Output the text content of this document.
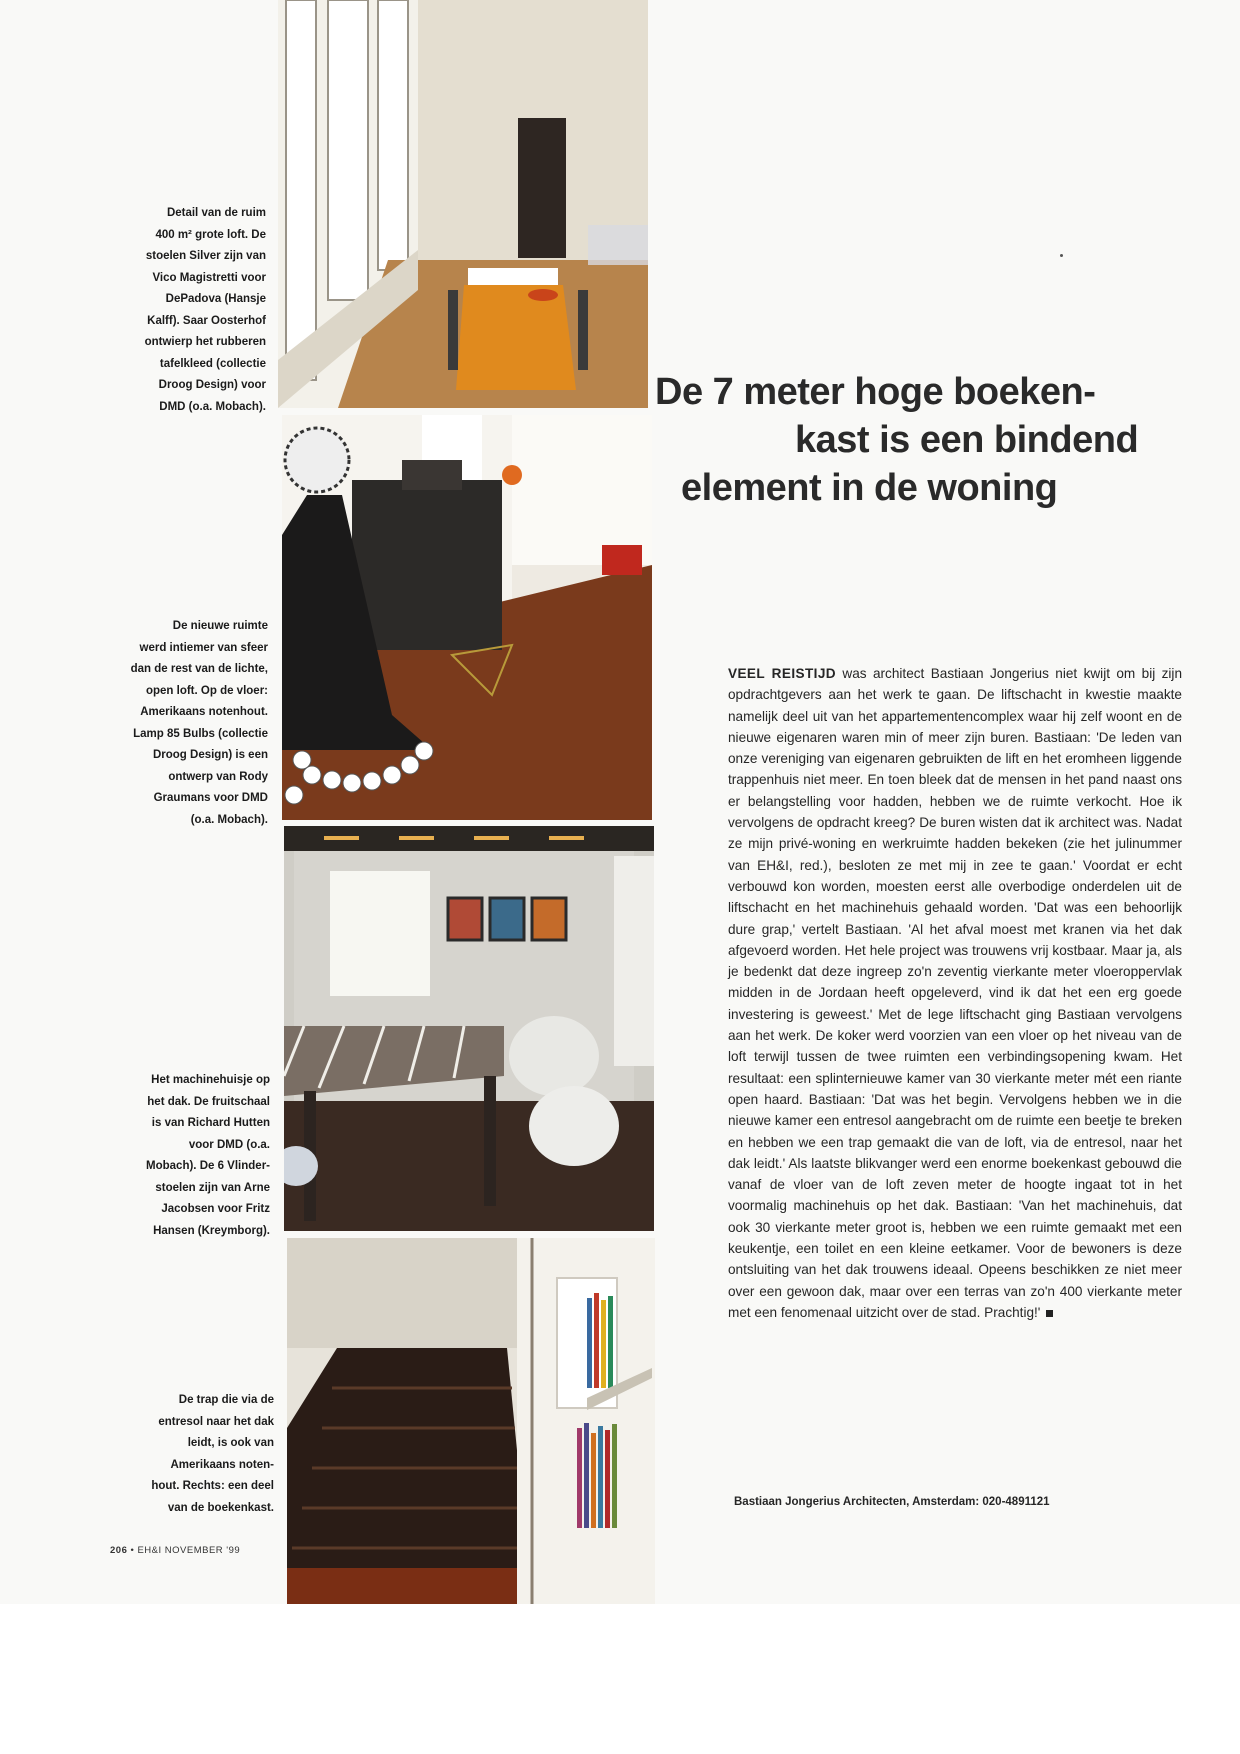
Detail van de ruim
400 m² grote loft. De
stoelen Silver zijn van
Vico Magistretti voor
DePadova (Hansje
Kalff). Saar Oosterhof
ontwierp het rubberen
tafelkleed (collectie
Droog Design) voor
DMD (o.a. Mobach).

De nieuwe ruimte
werd intiemer van sfeer
dan de rest van de lichte,
open loft. Op de vloer:
Amerikaans notenhout.
Lamp 85 Bulbs (collectie
Droog Design) is een
ontwerp van Rody
Graumans voor DMD
(o.a. Mobach).

Het machinehuisje op
het dak. De fruitschaal
is van Richard Hutten
voor DMD (o.a.
Mobach). De 6 Vlinder-
stoelen zijn van Arne
Jacobsen voor Fritz
Hansen (Kreymborg).

De trap die via de
entresol naar het dak
leidt, is ook van
Amerikaans noten-
hout. Rechts: een deel
van de boekenkast.

De 7 meter hoge boeken-
kast is een bindend
element in de woning

VEEL REISTIJD was architect Bastiaan Jongerius niet kwijt om bij zijn opdrachtgevers aan het werk te gaan. De liftschacht in kwestie maakte namelijk deel uit van het appartementencomplex waar hij zelf woont en de nieuwe eigenaren waren min of meer zijn buren. Bastiaan: 'De leden van onze vereniging van eigenaren gebruikten de lift en het eromheen liggende trappenhuis niet meer. En toen bleek dat de mensen in het pand naast ons er belangstelling voor hadden, hebben we de ruimte verkocht. Hoe ik vervolgens de opdracht kreeg? De buren wisten dat ik architect was. Nadat ze mijn privé-woning en werkruimte hadden bekeken (zie het julinummer van EH&I, red.), besloten ze met mij in zee te gaan.' Voordat er echt verbouwd kon worden, moesten eerst alle overbodige onderdelen uit de liftschacht en het machinehuis gehaald worden. 'Dat was een behoorlijk dure grap,' vertelt Bastiaan. 'Al het afval moest met kranen via het dak afgevoerd worden. Het hele project was trouwens vrij kostbaar. Maar ja, als je bedenkt dat deze ingreep zo'n zeventig vierkante meter vloeroppervlak midden in de Jordaan heeft opgeleverd, vind ik dat het een erg goede investering is geweest.' Met de lege liftschacht ging Bastiaan vervolgens aan het werk. De koker werd voorzien van een vloer op het niveau van de loft terwijl tussen de twee ruimten een verbindingsopening kwam. Het resultaat: een splinternieuwe kamer van 30 vierkante meter mét een riante open haard. Bastiaan: 'Dat was het begin. Vervolgens hebben we in die nieuwe kamer een entresol aangebracht om de ruimte een beetje te breken en hebben we een trap gemaakt die van de loft, via de entresol, naar het dak leidt.' Als laatste blikvanger werd een enorme boekenkast gebouwd die vanaf de vloer van de loft zeven meter de hoogte ingaat tot in het voormalig machinehuis op het dak. Bastiaan: 'Van het machinehuis, dat ook 30 vierkante meter groot is, hebben we een ruimte gemaakt met een keukentje, een toilet en een kleine eetkamer. Voor de bewoners is deze ontsluiting van het dak trouwens ideaal. Opeens beschikken ze niet meer over een gewoon dak, maar over een terras van zo'n 400 vierkante meter met een fenomenaal uitzicht over de stad. Prachtig!'

Bastiaan Jongerius Architecten, Amsterdam: 020-4891121

206 • EH&I NOVEMBER '99
